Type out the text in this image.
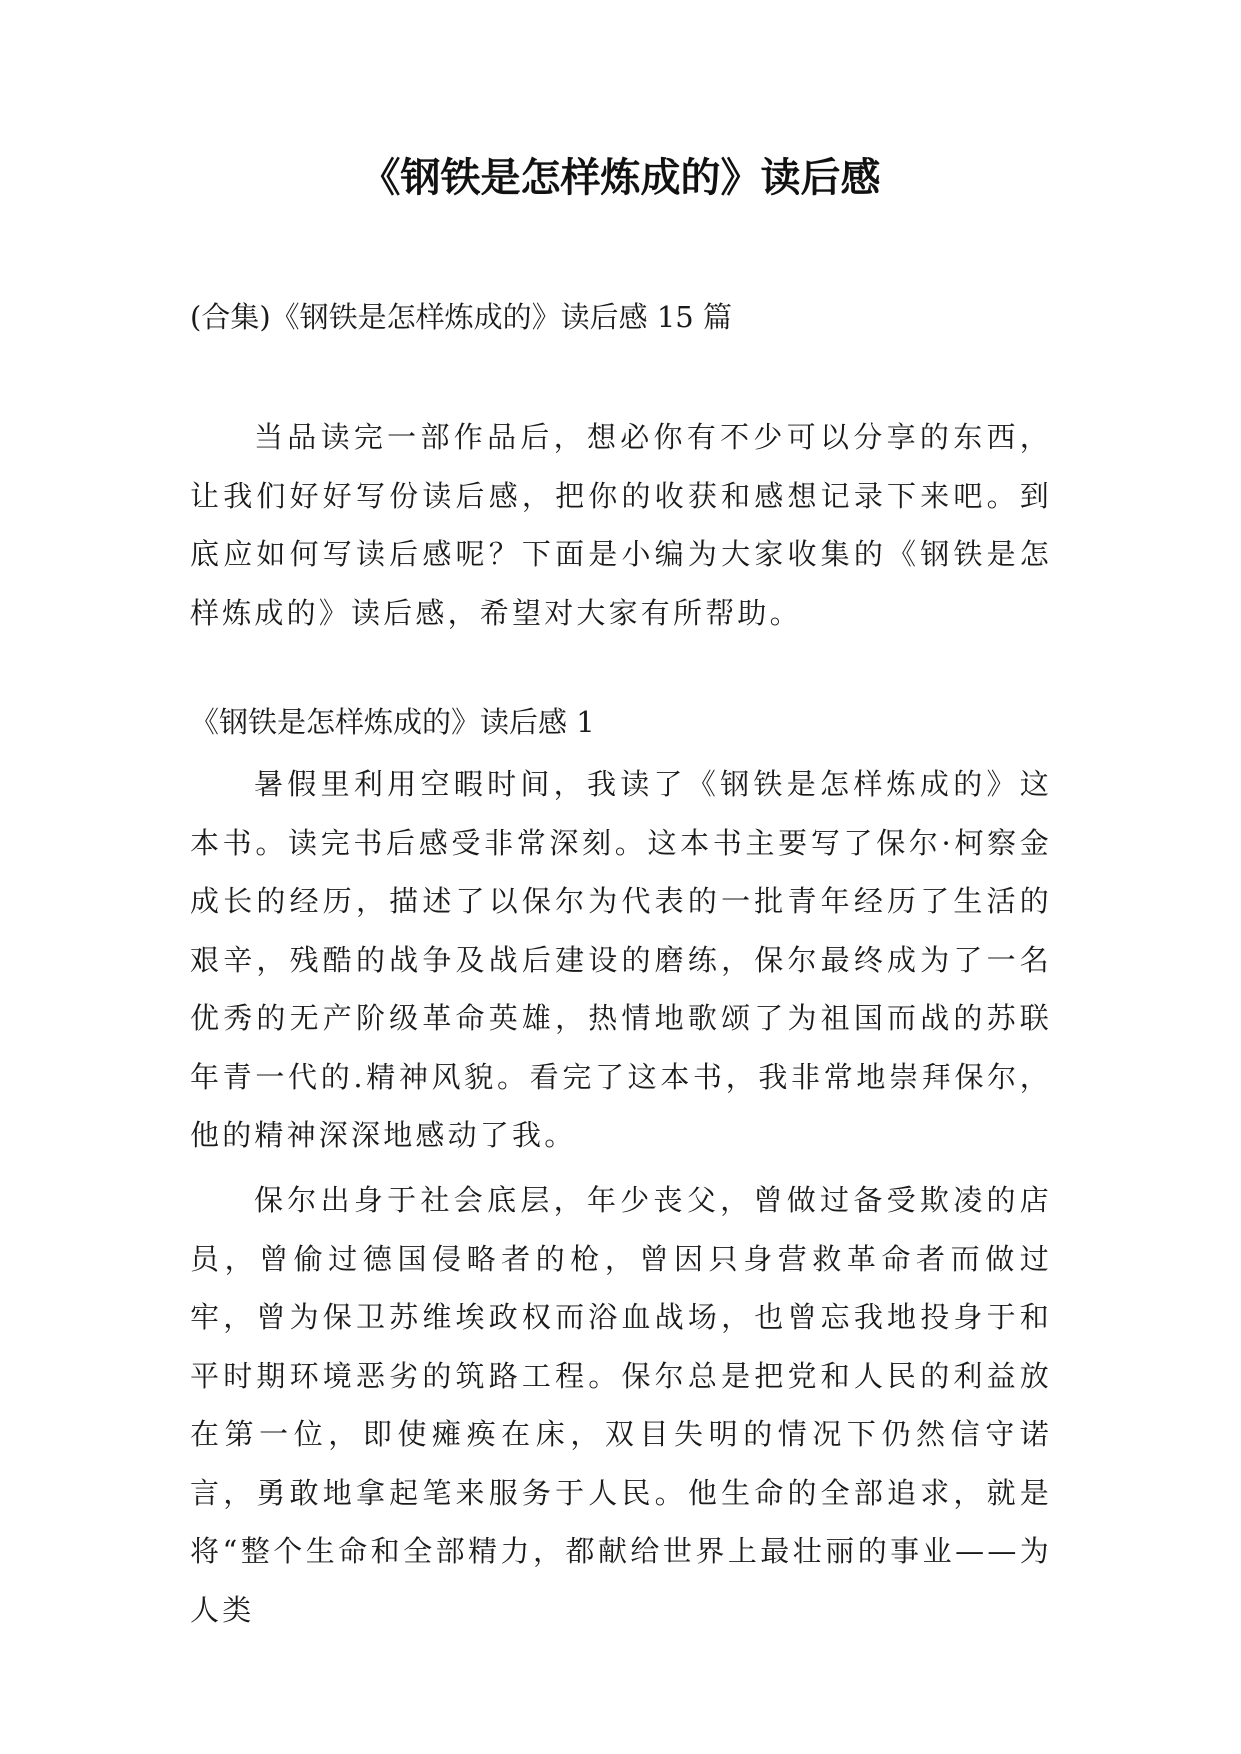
《钢铁是怎样炼成的》读后感

(合集)《钢铁是怎样炼成的》读后感 15 篇

当品读完一部作品后，想必你有不少可以分享的东西，让我们好好写份读后感，把你的收获和感想记录下来吧。到底应如何写读后感呢？下面是小编为大家收集的《钢铁是怎样炼成的》读后感，希望对大家有所帮助。

《钢铁是怎样炼成的》读后感 1

暑假里利用空暇时间，我读了《钢铁是怎样炼成的》这本书。读完书后感受非常深刻。这本书主要写了保尔·柯察金成长的经历，描述了以保尔为代表的一批青年经历了生活的艰辛，残酷的战争及战后建设的磨练，保尔最终成为了一名优秀的无产阶级革命英雄，热情地歌颂了为祖国而战的苏联年青一代的.精神风貌。看完了这本书，我非常地崇拜保尔，他的精神深深地感动了我。

保尔出身于社会底层，年少丧父，曾做过备受欺凌的店员，曾偷过德国侵略者的枪，曾因只身营救革命者而做过牢，曾为保卫苏维埃政权而浴血战场，也曾忘我地投身于和平时期环境恶劣的筑路工程。保尔总是把党和人民的利益放在第一位，即使瘫痪在床，双目失明的情况下仍然信守诺言，勇敢地拿起笔来服务于人民。他生命的全部追求，就是将“整个生命和全部精力，都献给世界上最壮丽的事业——为人类
